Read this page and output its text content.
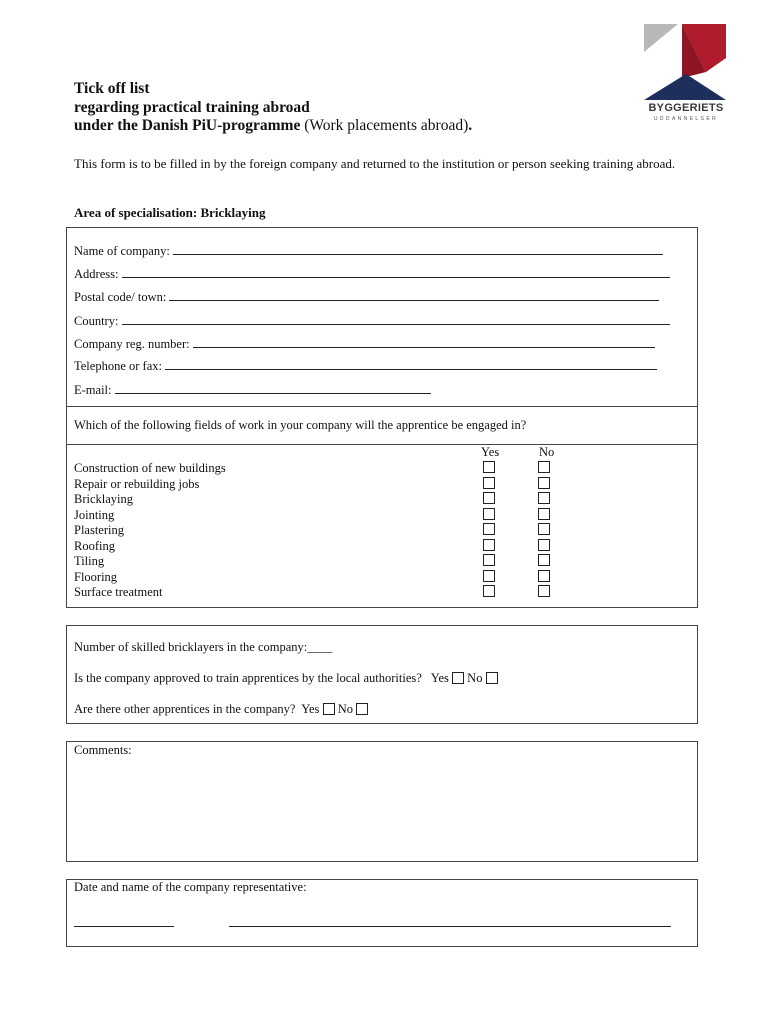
BYGGERIETS
UDDANNELSER
Tick off list
regarding practical training abroad
under the Danish PiU-programme (Work placements abroad).
This form is to be filled in by the foreign company and returned to the institution or person seeking training abroad.
Area of specialisation: Bricklaying
Name of company:
Address:
Postal code/ town:
Country:
Company reg. number:
Telephone or fax:
E-mail:
Which of the following fields of work in your company will the apprentice be engaged in?
Yes	No
Construction of new buildings
Repair or rebuilding jobs
Bricklaying
Jointing
Plastering
Roofing
Tiling
Flooring
Surface treatment
Number of skilled bricklayers in the company:____
Is the company approved to train apprentices by the local authorities? Yes No
Are there other apprentices in the company? Yes No
Comments:
Date and name of the company representative:
